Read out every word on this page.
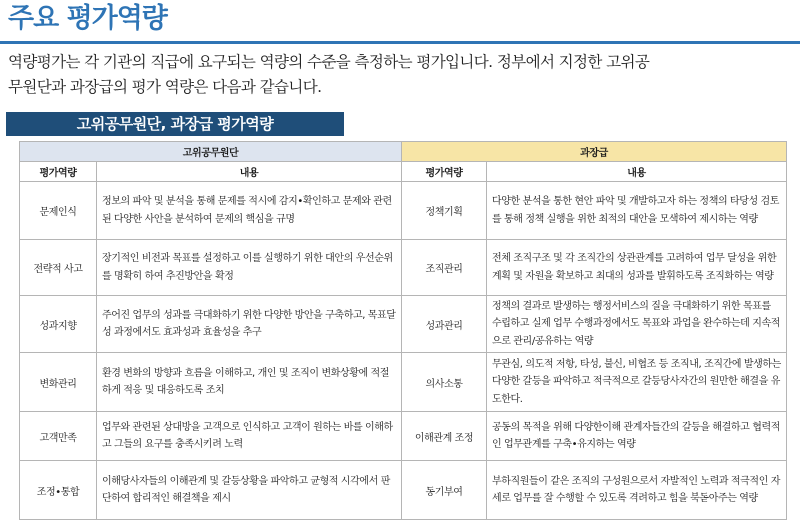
주요 평가역량
역량평가는 각 기관의 직급에 요구되는 역량의 수준을 측정하는 평가입니다. 정부에서 지정한 고위공
무원단과 과장급의 평가 역량은 다음과 같습니다.
고위공무원단, 과장급 평가역량
고위공무원단		과장급	
평가역량	내용	평가역량	내용
문제인식	정보의 파악 및 분석을 통해 문제를 적시에 감지•확인하고 문제와 관련된 다양한 사안을 분석하여 문제의 핵심을 규명	정책기획	다양한 분석을 통한 현안 파악 및 개발하고자 하는 정책의 타당성 검토를 통해 정책 실행을 위한 최적의 대안을 모색하여 제시하는 역량
전략적 사고	장기적인 비전과 목표를 설정하고 이를 실행하기 위한 대안의 우선순위를 명확히 하여 추진방안을 확정	조직관리	전체 조직구조 및 각 조직간의 상관관계를 고려하여 업무 달성을 위한 계획 및 자원을 확보하고 최대의 성과를 발휘하도록 조직화하는 역량
성과지향	주어진 업무의 성과를 극대화하기 위한 다양한 방안을 구축하고, 목표달성 과정에서도 효과성과 효율성을 추구	성과관리	정책의 결과로 발생하는 행정서비스의 질을 극대화하기 위한 목표를 수립하고 실제 업무 수행과정에서도 목표와 과업을 완수하는데 지속적으로 관리/공유하는 역량
변화관리	환경 변화의 방향과 흐름을 이해하고, 개인 및 조직이 변화상황에 적절하게 적응 및 대응하도록 조치	의사소통	무관심, 의도적 저항, 타성, 불신, 비협조 등 조직내, 조직간에 발생하는 다양한 갈등을 파악하고 적극적으로 갈등당사자간의 원만한 해결을 유도한다.
고객만족	업무와 관련된 상대방을 고객으로 인식하고 고객이 원하는 바를 이해하고 그들의 요구를 충족시키려 노력	이해관계 조정	공동의 목적을 위해 다양한이해 관계자들간의 갈등을 해결하고 협력적인 업무관계를 구축•유지하는 역량
조정•통합	이해당사자들의 이해관계 및 갈등상황을 파악하고 균형적 시각에서 판단하여 합리적인 해결책을 제시	동기부여	부하직원들이 같은 조직의 구성원으로서 자발적인 노력과 적극적인 자세로 업무를 잘 수행할 수 있도록 격려하고 힘을 북돋아주는 역량
